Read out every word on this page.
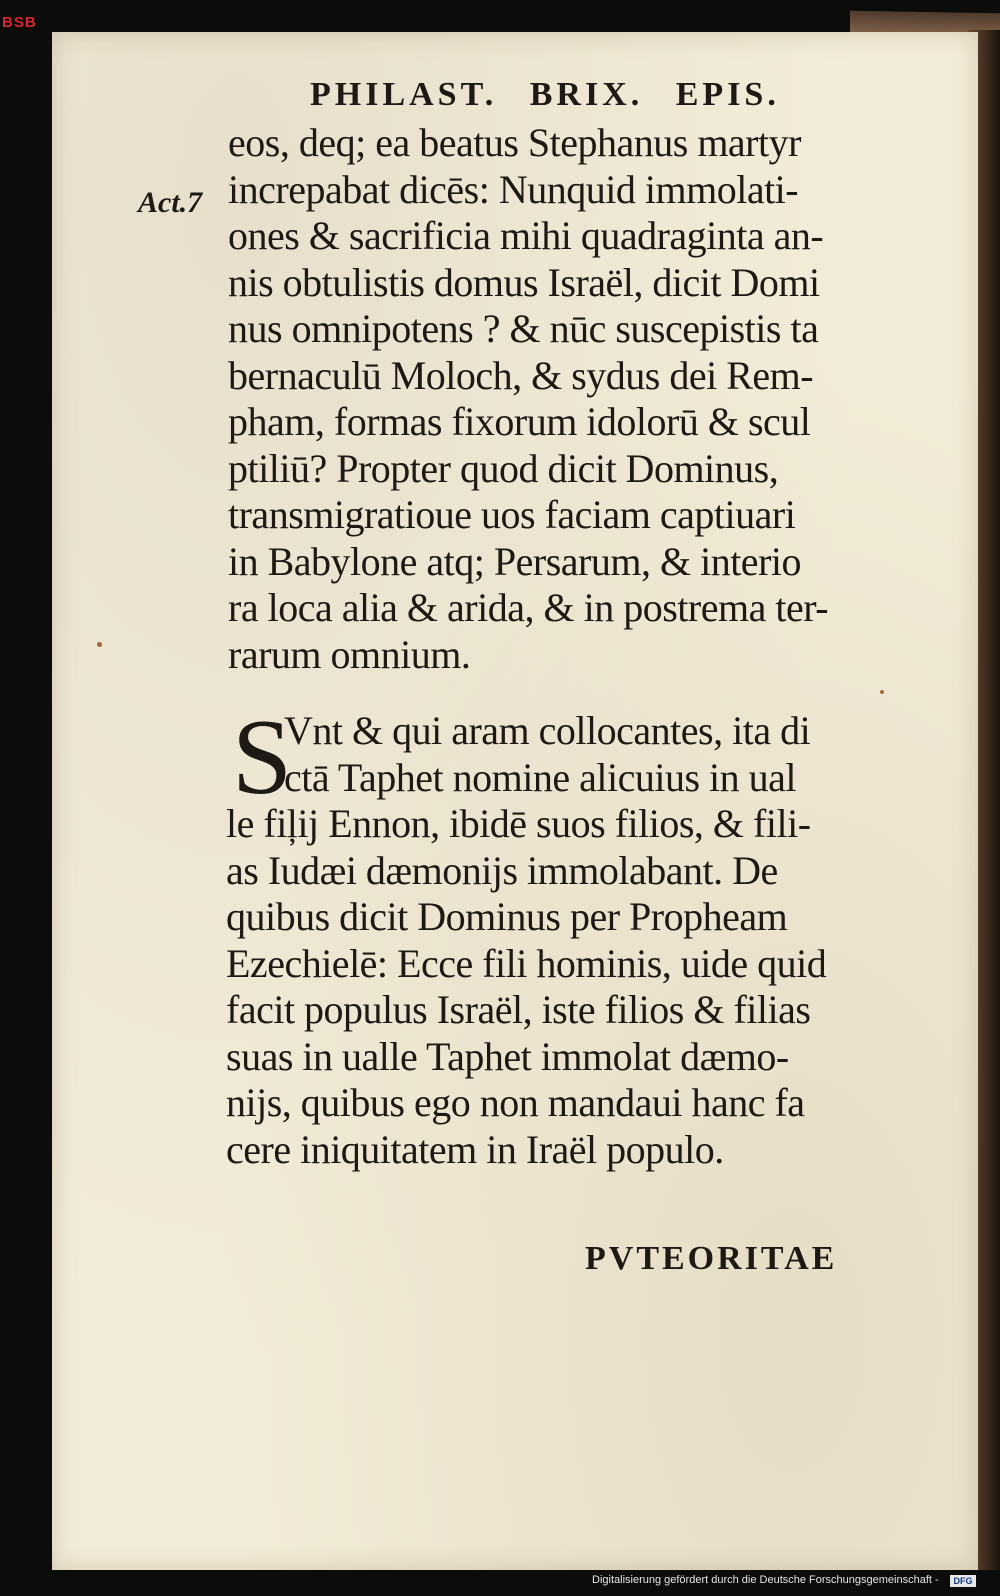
BSB
PHILAST. BRIX. EPIS.
Act.7
eos, deq; ea beatus Stephanus martyr
increpabat dicēs: Nunquid immolati-
ones & sacrificia mihi quadraginta an-
nis obtulistis domus Israël, dicit Domi
nus omnipotens ? & nūc suscepistis ta
bernaculū Moloch, & sydus dei Rem-
pham, formas fixorum idolorū & scul
ptiliū? Propter quod dicit Dominus,
transmigratioue uos faciam captiuari
in Babylone atq; Persarum, & interio
ra loca alia & arida, & in postrema ter-
rarum omnium.
S
Vnt & qui aram collocantes, ita di
ctā Taphet nomine alicuius in ual
le fiļij Ennon, ibidē suos filios, & fili-
as Iudæi dæmonijs immolabant. De
quibus dicit Dominus per Propheam
Ezechielē: Ecce fili hominis, uide quid
facit populus Israël, iste filios & filias
suas in ualle Taphet immolat dæmo-
nijs, quibus ego non mandaui hanc fa
cere iniquitatem in Iraël populo.
PVTEORITAE
Digitalisierung gefördert durch die Deutsche Forschungsgemeinschaft -	DFG
